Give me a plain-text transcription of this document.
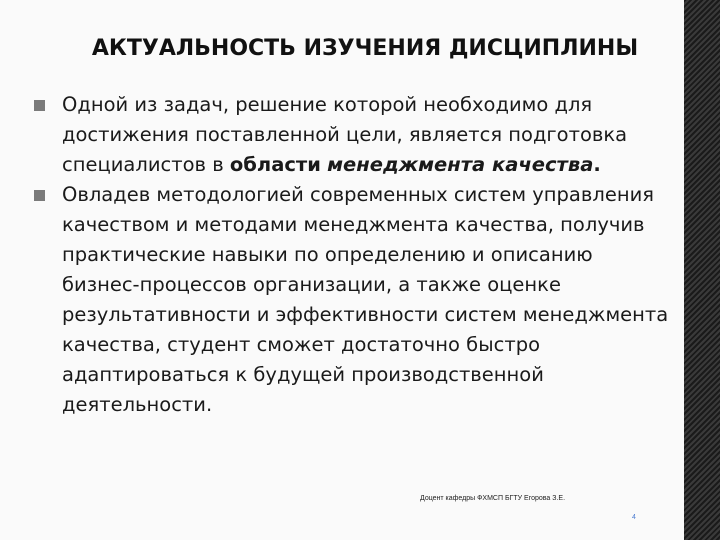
АКТУАЛЬНОСТЬ ИЗУЧЕНИЯ ДИСЦИПЛИНЫ
Одной из задач, решение которой необходимо для достижения поставленной цели, является подготовка специалистов в области менеджмента качества.
Овладев методологией современных систем управления качеством и методами менеджмента качества, получив практические навыки по определению и описанию бизнес-процессов организации, а также оценке результативности и эффективности систем менеджмента качества, студент сможет достаточно быстро адаптироваться к будущей производственной деятельности.
Доцент кафедры ФХМСП БГТУ Егорова З.Е.
4
